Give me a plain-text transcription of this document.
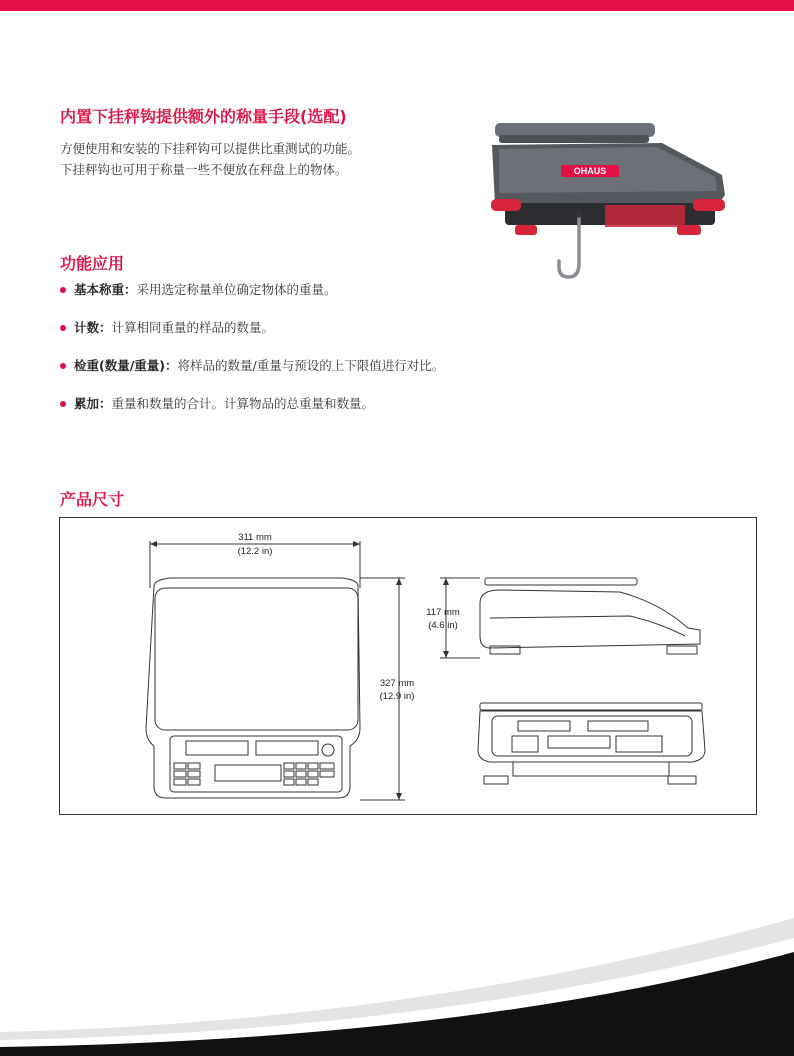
内置下挂秤钩提供额外的称量手段(选配)
方便使用和安装的下挂秤钩可以提供比重测试的功能。
下挂秤钩也可用于称量一些不便放在秤盘上的物体。	OHAUS
功能应用
基本称重：采用选定称量单位确定物体的重量。
计数：计算相同重量的样品的数量。
检重(数量/重量)：将样品的数量/重量与预设的上下限值进行对比。
累加：重量和数量的合计。计算物品的总重量和数量。
产品尺寸
311 mm
(12.2 in)
327 mm
(12.9 in)
117 mm
(4.6 in)
